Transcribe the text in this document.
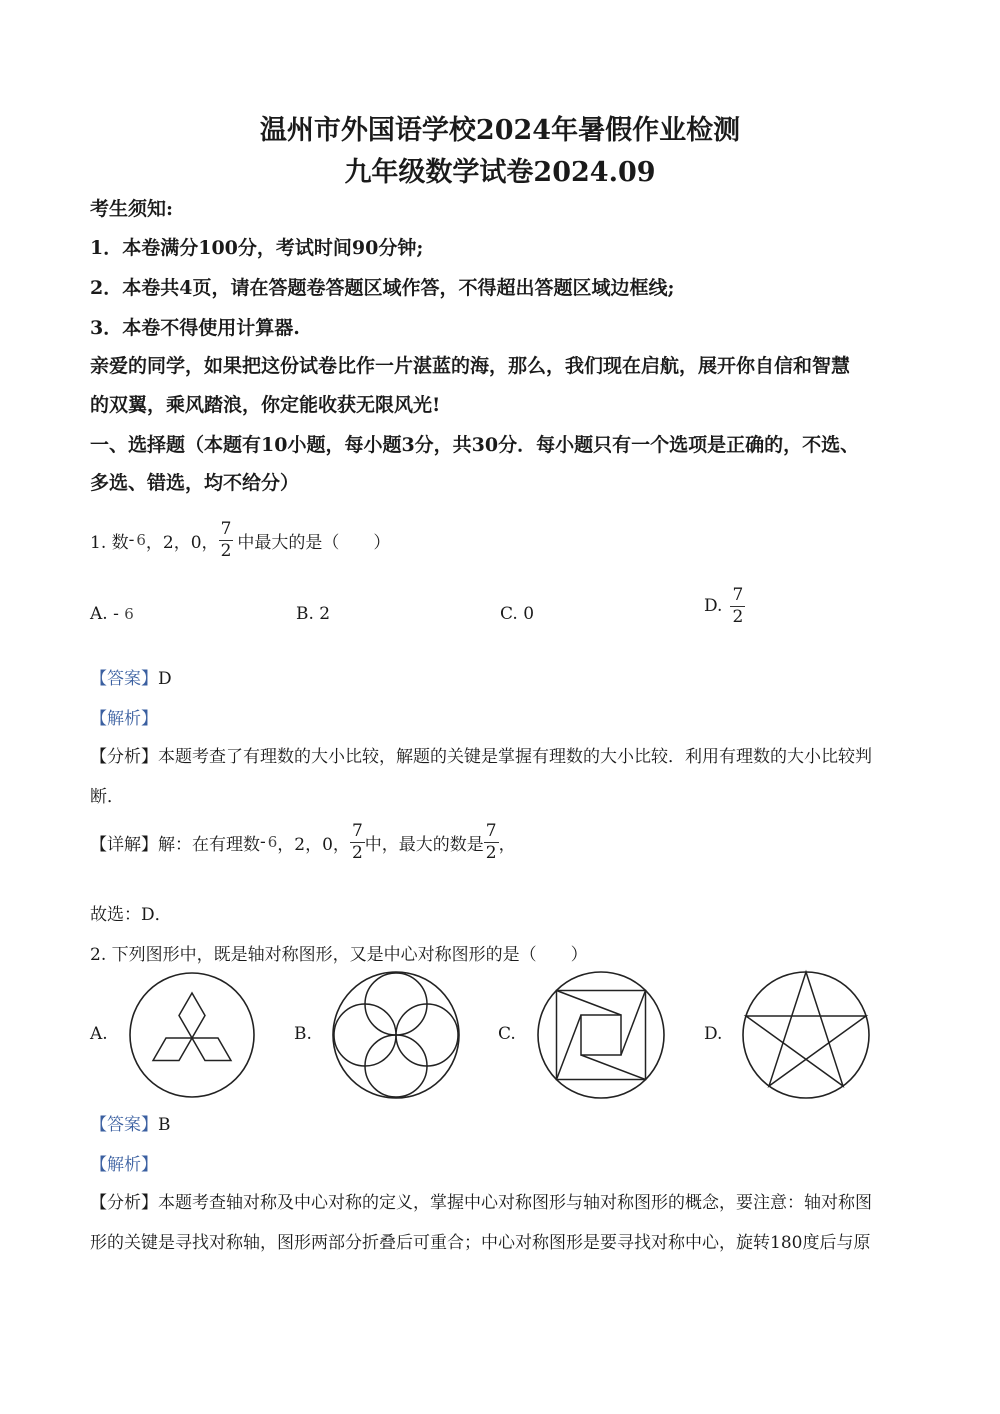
温州市外国语学校2024年暑假作业检测
九年级数学试卷2024.09
考生须知:
1．本卷满分100分，考试时间90分钟;
2．本卷共4页，请在答题卷答题区域作答，不得超出答题区域边框线;
3．本卷不得使用计算器.
亲爱的同学，如果把这份试卷比作一片湛蓝的海，那么，我们现在启航，展开你自信和智慧
的双翼，乘风踏浪，你定能收获无限风光!
一、选择题（本题有10小题，每小题3分，共30分．每小题只有一个选项是正确的，不选、
多选、错选，均不给分）
1. 数 - 6 ，2，0， $\frac{7}{2}$ 中最大的是（　　）
A. - 6	B. 2	C. 0	D. $\frac{7}{2}$
【答案】D
【解析】
【分析】本题考查了有理数的大小比较，解题的关键是掌握有理数的大小比较．利用有理数的大小比较判
断．
【详解】 解：在有理数 - 6 ，2，0， $\frac{7}{2}$ 中，最大的数是 $\frac{7}{2}$ ，
故选：D．
2. 下列图形中，既是轴对称图形，又是中心对称图形的是（　　）
A.	B.	C.	D.
【答案】B
【解析】
【分析】本题考查轴对称及中心对称的定义，掌握中心对称图形与轴对称图形的概念，要注意：轴对称图
形的关键是寻找对称轴，图形两部分折叠后可重合；中心对称图形是要寻找对称中心，旋转180度后与原
